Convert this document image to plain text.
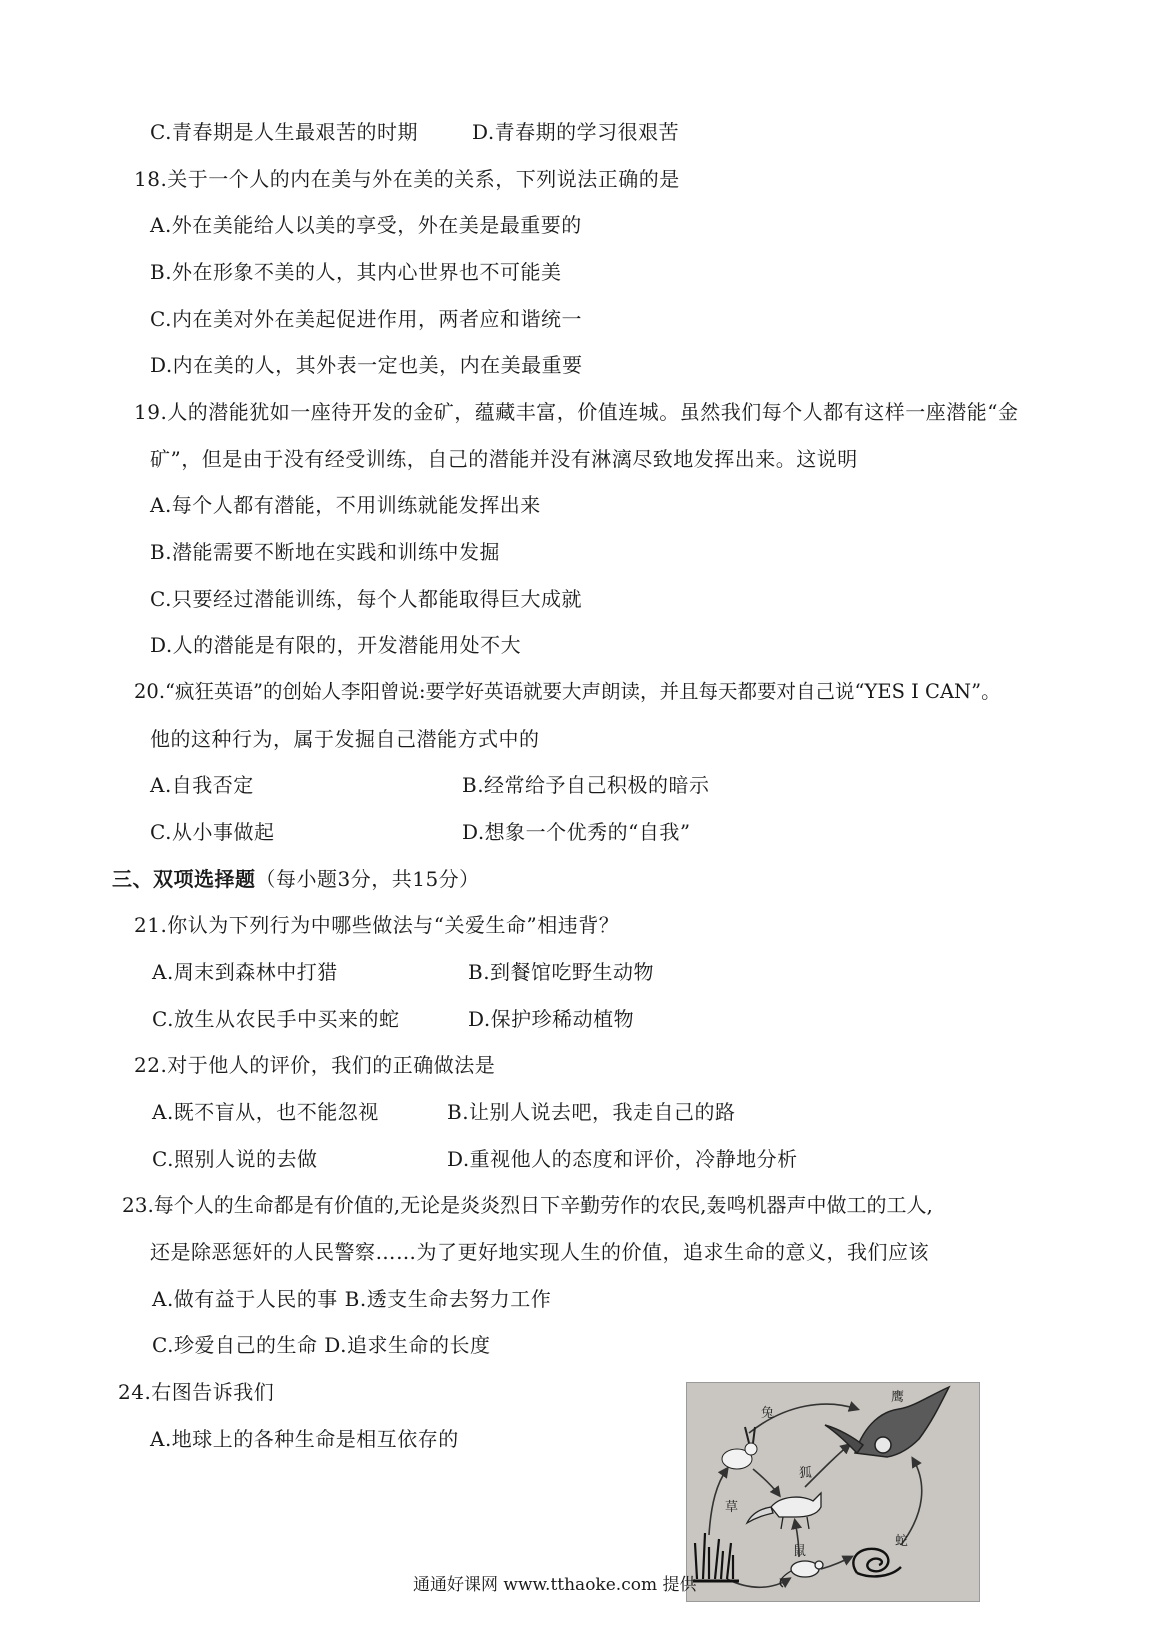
C.青春期是人生最艰苦的时期	D.青春期的学习很艰苦
18.关于一个人的内在美与外在美的关系，下列说法正确的是
A.外在美能给人以美的享受，外在美是最重要的
B.外在形象不美的人，其内心世界也不可能美
C.内在美对外在美起促进作用，两者应和谐统一
D.内在美的人，其外表一定也美，内在美最重要
19.人的潜能犹如一座待开发的金矿，蕴藏丰富，价值连城。虽然我们每个人都有这样一座潜能“金
矿”，但是由于没有经受训练，自己的潜能并没有淋漓尽致地发挥出来。这说明
A.每个人都有潜能，不用训练就能发挥出来
B.潜能需要不断地在实践和训练中发掘
C.只要经过潜能训练，每个人都能取得巨大成就
D.人的潜能是有限的，开发潜能用处不大
20.“疯狂英语”的创始人李阳曾说:要学好英语就要大声朗读，并且每天都要对自己说“YES I CAN”。
他的这种行为，属于发掘自己潜能方式中的
A.自我否定	B.经常给予自己积极的暗示
C.从小事做起	D.想象一个优秀的“自我”
三、双项选择题（每小题3分，共15分）
21.你认为下列行为中哪些做法与“关爱生命”相违背？
A.周末到森林中打猎	B.到餐馆吃野生动物
C.放生从农民手中买来的蛇	D.保护珍稀动植物
22.对于他人的评价，我们的正确做法是
A.既不盲从，也不能忽视	B.让别人说去吧，我走自己的路
C.照别人说的去做	D.重视他人的态度和评价，冷静地分析
23.每个人的生命都是有价值的,无论是炎炎烈日下辛勤劳作的农民,轰鸣机器声中做工的工人,
还是除恶惩奸的人民警察……为了更好地实现人生的价值，追求生命的意义，我们应该
A.做有益于人民的事 B.透支生命去努力工作
C.珍爱自己的生命 D.追求生命的长度
24.右图告诉我们
A.地球上的各种生命是相互依存的
兔
鹰
草
狐
鼠
蛇
通通好课网 www.tthaoke.com 提供
